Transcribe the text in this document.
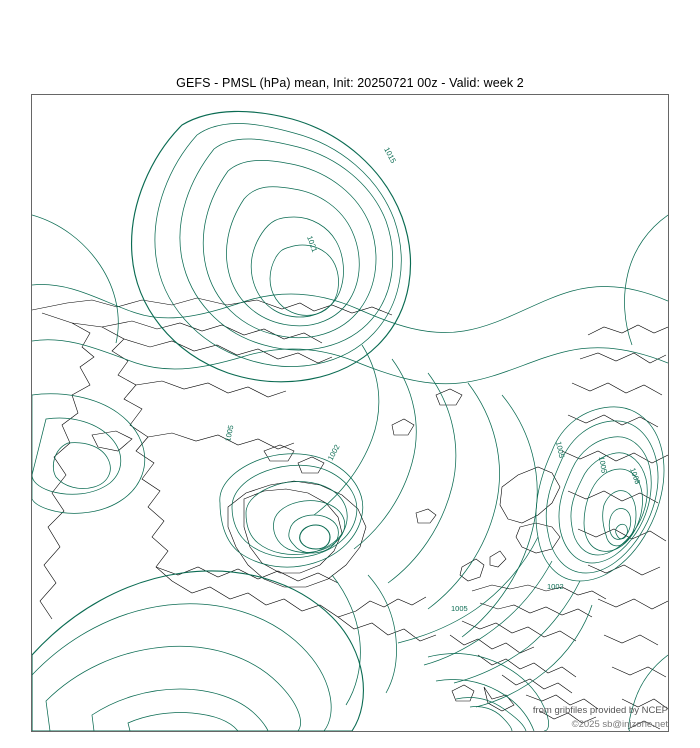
GEFS - PMSL (hPa) mean, Init: 20250721 00z - Valid: week 2
1015
1021
1005
1002	1005
1005
1008
1002
1005
from gribfiles provided by NCEP
©2025 sb@inizone.net
